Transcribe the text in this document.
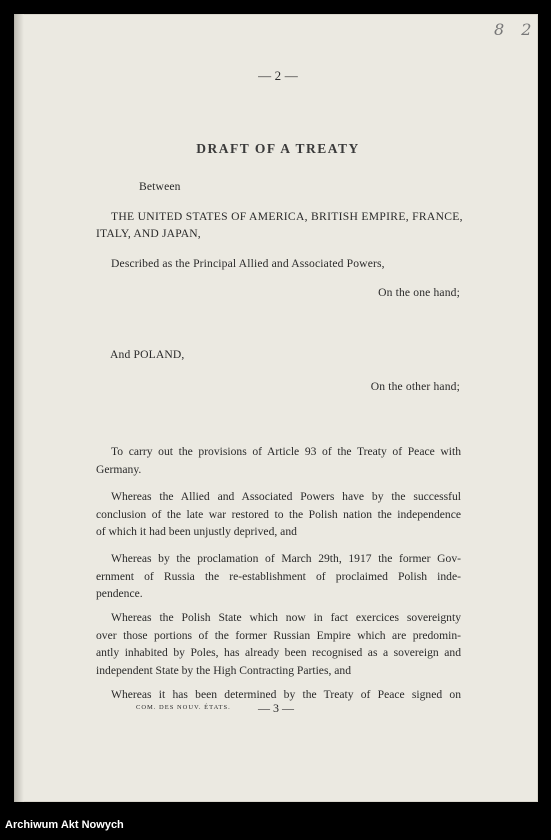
8 2
— 2 —
DRAFT OF A TREATY
Between
THE UNITED STATES OF AMERICA, BRITISH EMPIRE, FRANCE,
ITALY, AND JAPAN,
Described as the Principal Allied and Associated Powers,
On the one hand;
And POLAND,
On the other hand;
To carry out the provisions of Article 93 of the Treaty of Peace with
Germany.
Whereas the Allied and Associated Powers have by the successful
conclusion of the late war restored to the Polish nation the independence
of which it had been unjustly deprived, and
Whereas by the proclamation of March 29th, 1917 the former Gov-
ernment of Russia the re-establishment of proclaimed Polish inde-
pendence.
Whereas the Polish State which now in fact exercices sovereignty
over those portions of the former Russian Empire which are predomin-
antly inhabited by Poles, has already been recognised as a sovereign and
independent State by the High Contracting Parties, and
Whereas it has been determined by the Treaty of Peace signed on
COM. DES NOUV. ÉTATS. — 3 —
Archiwum Akt Nowych
